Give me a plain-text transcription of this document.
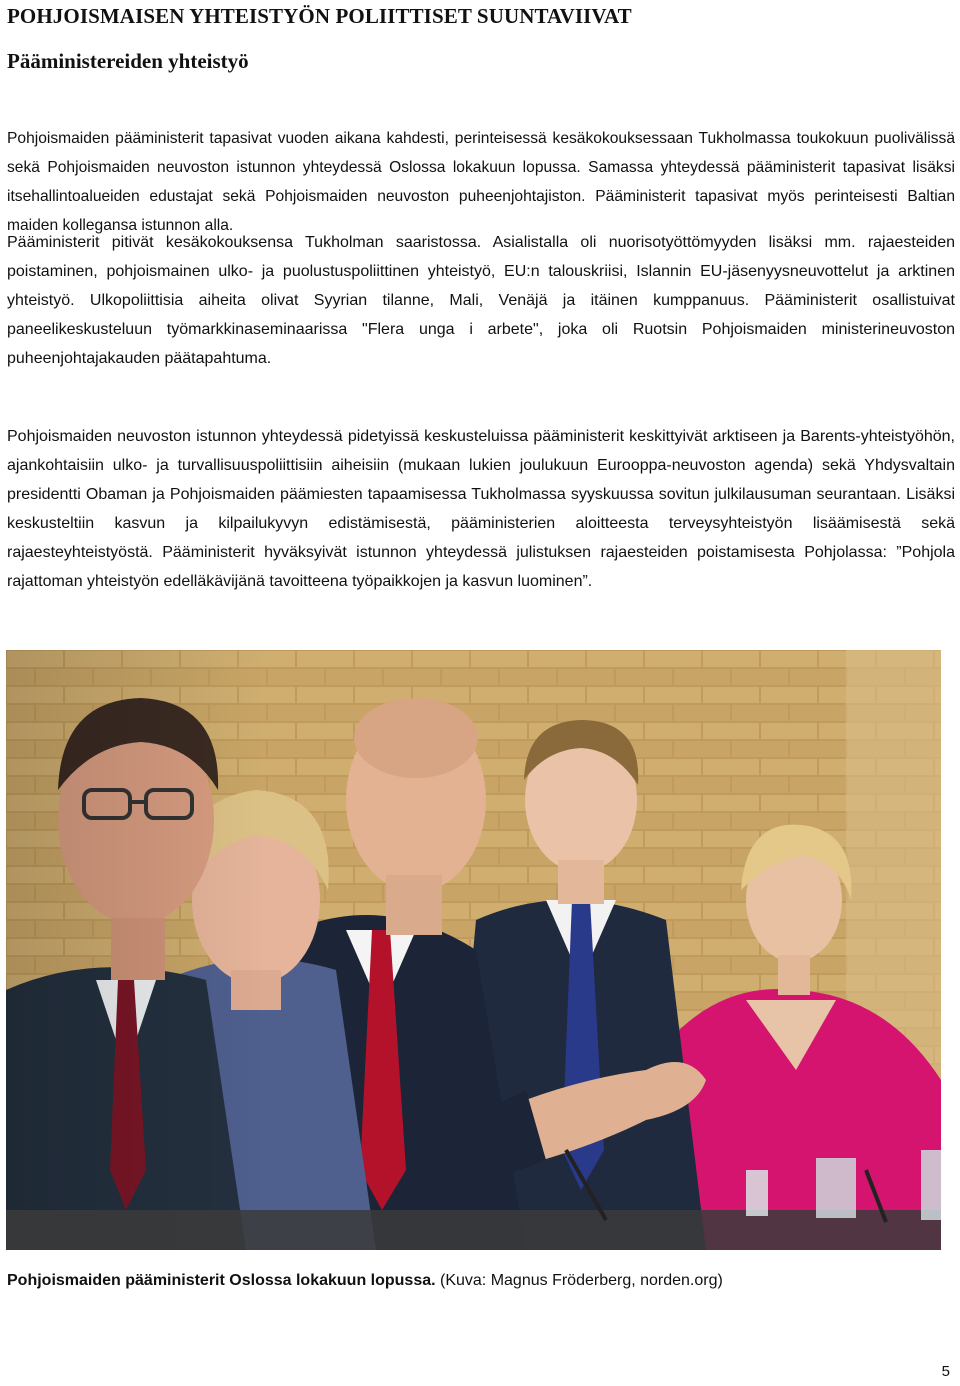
POHJOISMAISEN YHTEISTYÖN POLIITTISET SUUNTAVIIVAT
Pääministereiden yhteistyö

Pohjoismaiden pääministerit tapasivat vuoden aikana kahdesti, perinteisessä kesäkokouksessaan Tukholmassa toukokuun puolivälissä sekä Pohjoismaiden neuvoston istunnon yhteydessä Oslossa lokakuun lopussa. Samassa yhteydessä pääministerit tapasivat lisäksi itsehallintoalueiden edustajat sekä Pohjoismaiden neuvoston puheenjohtajiston. Pääministerit tapasivat myös perinteisesti Baltian maiden kollegansa istunnon alla.

Pääministerit pitivät kesäkokouksensa Tukholman saaristossa. Asialistalla oli nuorisotyöttömyyden lisäksi mm. rajaesteiden poistaminen, pohjoismainen ulko- ja puolustuspoliittinen yhteistyö, EU:n talouskriisi, Islannin EU-jäsenyysneuvottelut ja arktinen yhteistyö. Ulkopoliittisia aiheita olivat Syyrian tilanne, Mali, Venäjä ja itäinen kumppanuus. Pääministerit osallistuivat paneelikeskusteluun työmarkkinaseminaarissa "Flera unga i arbete", joka oli Ruotsin Pohjoismaiden ministerineuvoston puheenjohtajakauden päätapahtuma.

Pohjoismaiden neuvoston istunnon yhteydessä pidetyissä keskusteluissa pääministerit keskittyivät arktiseen ja Barents-yhteistyöhön, ajankohtaisiin ulko- ja turvallisuuspoliittisiin aiheisiin (mukaan lukien joulukuun Eurooppa-neuvoston agenda) sekä Yhdysvaltain presidentti Obaman ja Pohjoismaiden päämiesten tapaamisessa Tukholmassa syyskuussa sovitun julkilausuman seurantaan. Lisäksi keskusteltiin kasvun ja kilpailukyvyn edistämisestä, pääministerien aloitteesta terveysyhteistyön lisäämisestä sekä rajaesteyhteistyöstä. Pääministerit hyväksyivät istunnon yhteydessä julistuksen rajaesteiden poistamisesta Pohjolassa: ”Pohjola rajattoman yhteistyön edelläkävijänä tavoitteena työpaikkojen ja kasvun luominen”.

Pohjoismaiden pääministerit Oslossa lokakuun lopussa. (Kuva: Magnus Fröderberg, norden.org)

5
